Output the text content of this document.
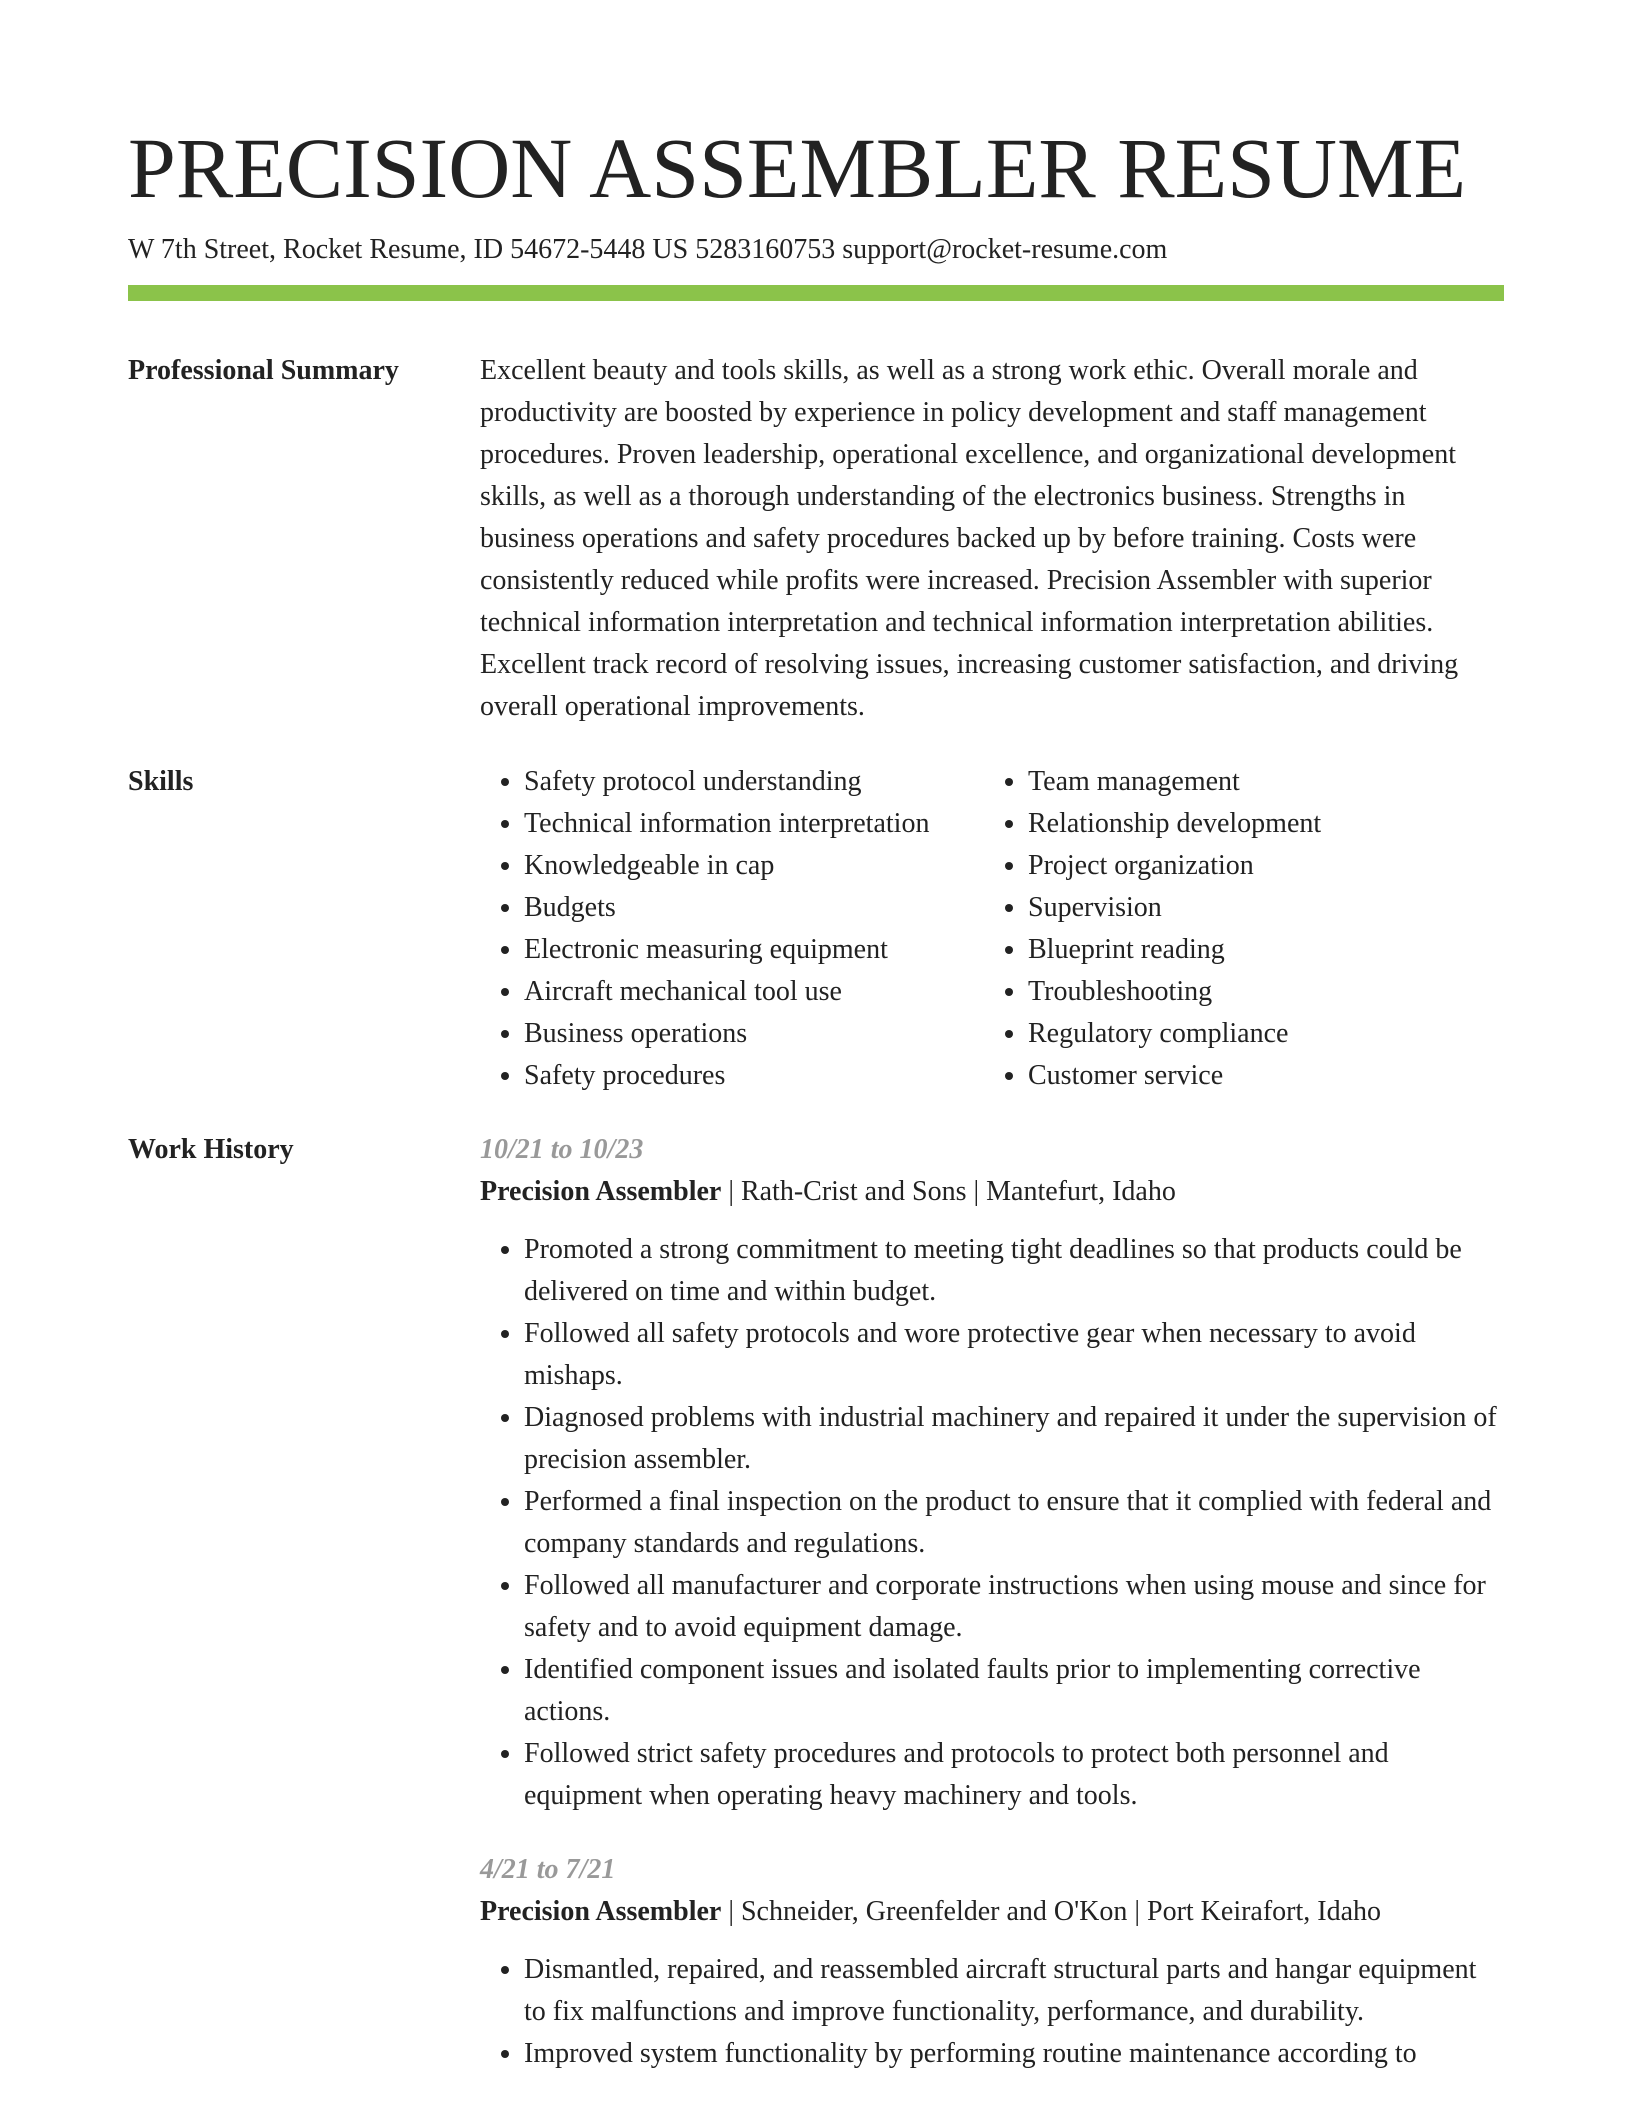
PRECISION ASSEMBLER RESUME
W 7th Street, Rocket Resume, ID 54672-5448 US 5283160753 support@rocket-resume.com
Professional Summary	Excellent beauty and tools skills, as well as a strong work ethic. Overall morale and productivity are boosted by experience in policy development and staff management procedures. Proven leadership, operational excellence, and organizational development skills, as well as a thorough understanding of the electronics business. Strengths in business operations and safety procedures backed up by before training. Costs were consistently reduced while profits were increased. Precision Assembler with superior technical information interpretation and technical information interpretation abilities. Excellent track record of resolving issues, increasing customer satisfaction, and driving overall operational improvements.

Skills
•	Safety protocol understanding
• Technical information interpretation
• Knowledgeable in cap
• Budgets
• Electronic measuring equipment
• Aircraft mechanical tool use
• Business operations
• Safety procedures
• Team management
• Relationship development
• Project organization
• Supervision
• Blueprint reading
• Troubleshooting
• Regulatory compliance
• Customer service
Work History	10/21 to 10/23
Precision Assembler | Rath-Crist and Sons | Mantefurt, Idaho
• Promoted a strong commitment to meeting tight deadlines so that products could be delivered on time and within budget.
• Followed all safety protocols and wore protective gear when necessary to avoid mishaps.
• Diagnosed problems with industrial machinery and repaired it under the supervision of precision assembler.
• Performed a final inspection on the product to ensure that it complied with federal and company standards and regulations.
• Followed all manufacturer and corporate instructions when using mouse and since for safety and to avoid equipment damage.
• Identified component issues and isolated faults prior to implementing corrective actions.
• Followed strict safety procedures and protocols to protect both personnel and equipment when operating heavy machinery and tools.
4/21 to 7/21
Precision Assembler | Schneider, Greenfelder and O'Kon | Port Keirafort, Idaho
• Dismantled, repaired, and reassembled aircraft structural parts and hangar equipment to fix malfunctions and improve functionality, performance, and durability.
• Improved system functionality by performing routine maintenance according to
